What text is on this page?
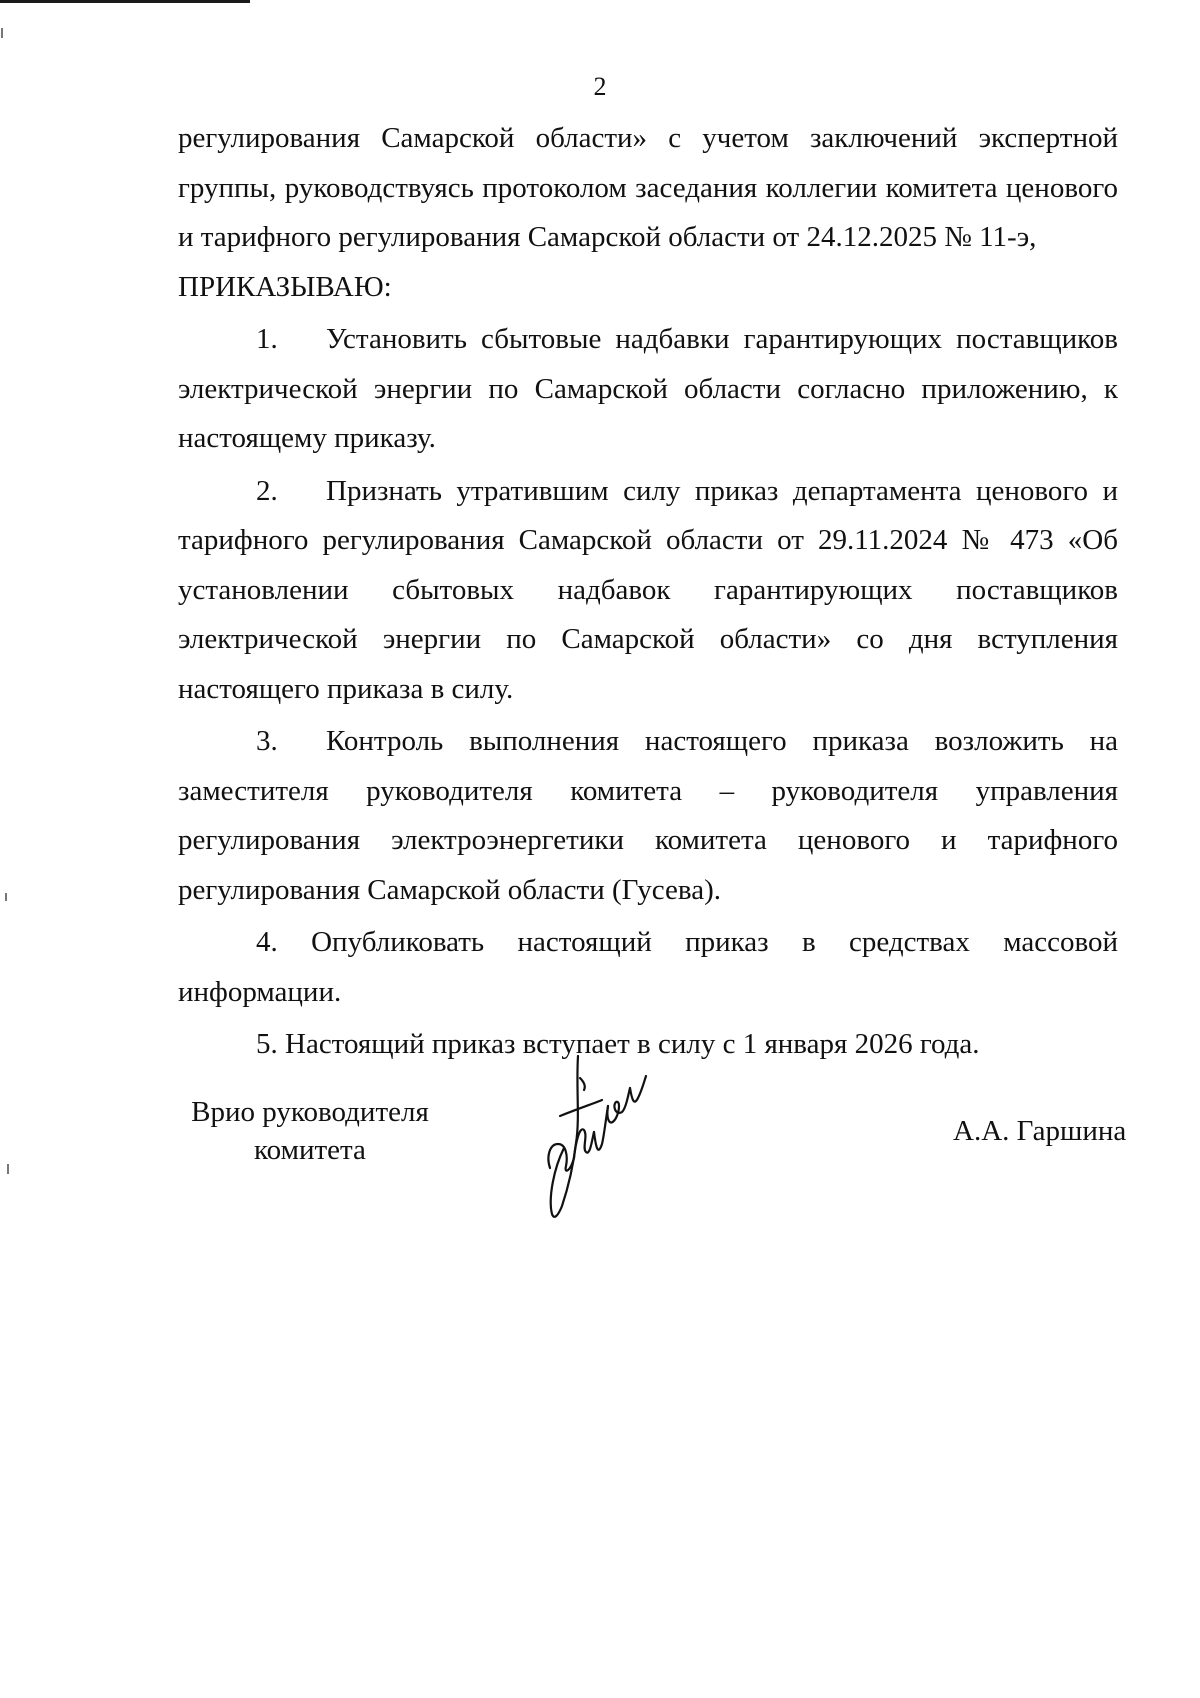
2

регулирования Самарской области» с учетом заключений экспертной группы, руководствуясь протоколом заседания коллегии комитета ценового и тарифного регулирования Самарской области от 24.12.2025 № 11-э,

ПРИКАЗЫВАЮ:

1. Установить сбытовые надбавки гарантирующих поставщиков электрической энергии по Самарской области согласно приложению, к настоящему приказу.

2. Признать утратившим силу приказ департамента ценового и тарифного регулирования Самарской области от 29.11.2024 № 473 «Об установлении сбытовых надбавок гарантирующих поставщиков электрической энергии по Самарской области» со дня вступления настоящего приказа в силу.

3. Контроль выполнения настоящего приказа возложить на заместителя руководителя комитета – руководителя управления регулирования электроэнергетики комитета ценового и тарифного регулирования Самарской области (Гусева).

4. Опубликовать настоящий приказ в средствах массовой информации.

5. Настоящий приказ вступает в силу с 1 января 2026 года.

Врио руководителя
комитета
А.А. Гаршина
